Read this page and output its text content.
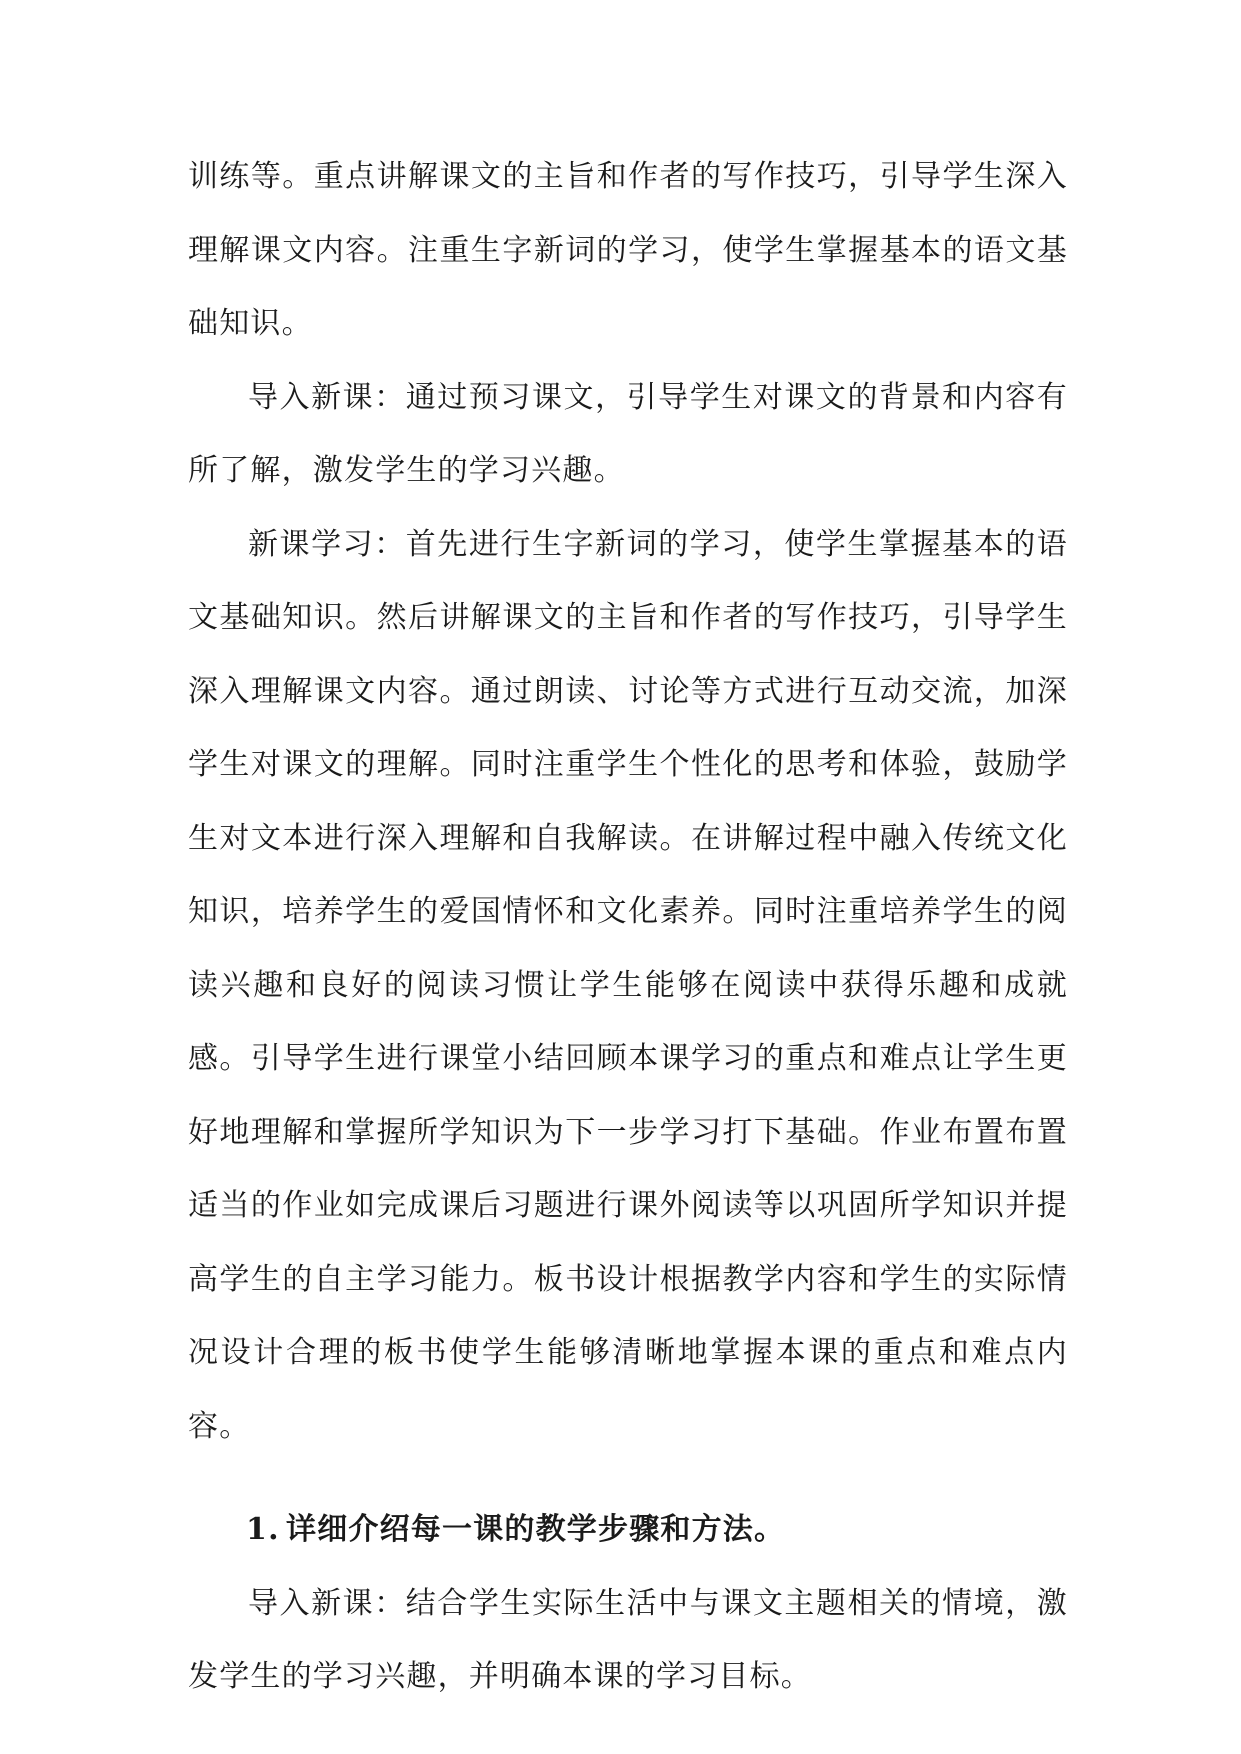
训练等。重点讲解课文的主旨和作者的写作技巧，引导学生深入理解课文内容。注重生字新词的学习，使学生掌握基本的语文基础知识。

导入新课：通过预习课文，引导学生对课文的背景和内容有所了解，激发学生的学习兴趣。

新课学习：首先进行生字新词的学习，使学生掌握基本的语文基础知识。然后讲解课文的主旨和作者的写作技巧，引导学生深入理解课文内容。通过朗读、讨论等方式进行互动交流，加深学生对课文的理解。同时注重学生个性化的思考和体验，鼓励学生对文本进行深入理解和自我解读。在讲解过程中融入传统文化知识，培养学生的爱国情怀和文化素养。同时注重培养学生的阅读兴趣和良好的阅读习惯让学生能够在阅读中获得乐趣和成就感。引导学生进行课堂小结回顾本课学习的重点和难点让学生更好地理解和掌握所学知识为下一步学习打下基础。作业布置布置适当的作业如完成课后习题进行课外阅读等以巩固所学知识并提高学生的自主学习能力。板书设计根据教学内容和学生的实际情况设计合理的板书使学生能够清晰地掌握本课的重点和难点内容。

1. 详细介绍每一课的教学步骤和方法。

导入新课：结合学生实际生活中与课文主题相关的情境，激发学生的学习兴趣，并明确本课的学习目标。
